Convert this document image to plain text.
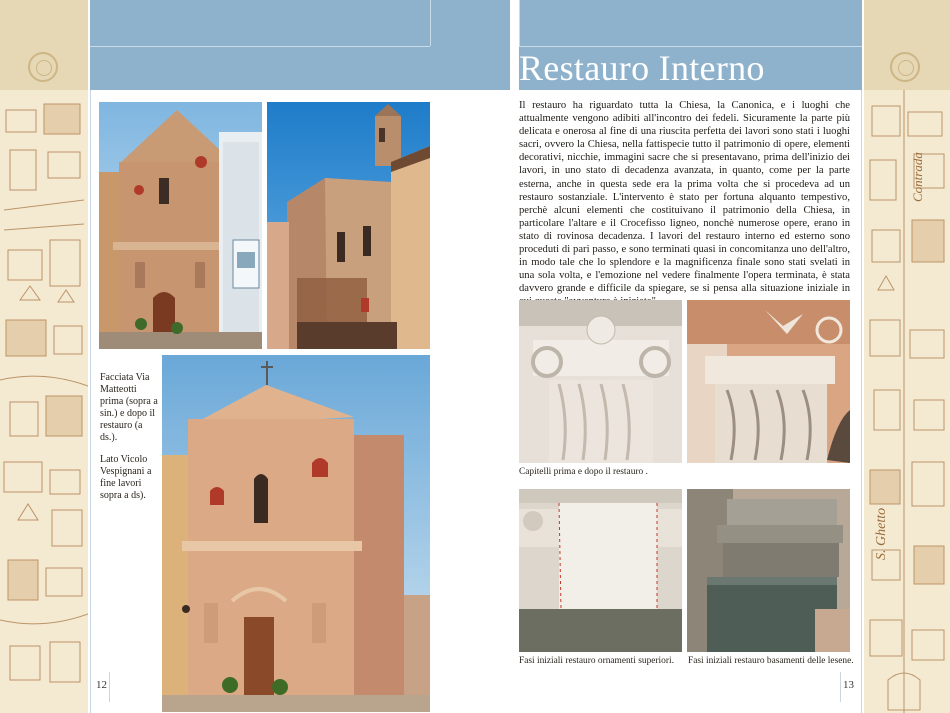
Contrada
S. Ghetto
Restauro Interno

Facciata Via Matteotti prima (sopra a sin.) e dopo il restauro (a ds.).

Lato Vicolo Vespignani a fine lavori sopra a ds).

Il restauro ha riguardato tutta la Chiesa, la Canonica, e i luoghi che attualmente vengono adibiti all'incontro dei fedeli. Sicuramente la parte più delicata e onerosa al fine di una riuscita perfetta dei lavori sono stati i luoghi sacri, ovvero la Chiesa, nella fattispecie tutto il patrimonio di opere, elementi decorativi, nicchie, immagini sacre che si presentavano, prima dell'inizio dei lavori, in uno stato di decadenza avanzata, in quanto, come per la parte esterna, anche in questa sede era la prima volta che si procedeva ad un restauro sostanziale. L'intervento è stato per fortuna alquanto tempestivo, perchè alcuni elementi che costituivano il patrimonio della Chiesa, in particolare l'altare e il Crocefisso ligneo, nonchè numerose opere, erano in stato di rovinosa decadenza. I lavori del restauro interno ed esterno sono proceduti di pari passo, e sono terminati quasi in concomitanza uno dell'altro, in modo tale che lo splendore e la magnificenza finale sono stati svelati in una sola volta, e l'emozione nel vedere finalmente l'opera terminata, è stata davvero grande e difficile da spiegare, se si pensa alla situazione iniziale in
Capitelli prima e dopo il restauro .
Fasi iniziali restauro ornamenti superiori. Fasi iniziali restauro basamenti delle lesene.
12	13
